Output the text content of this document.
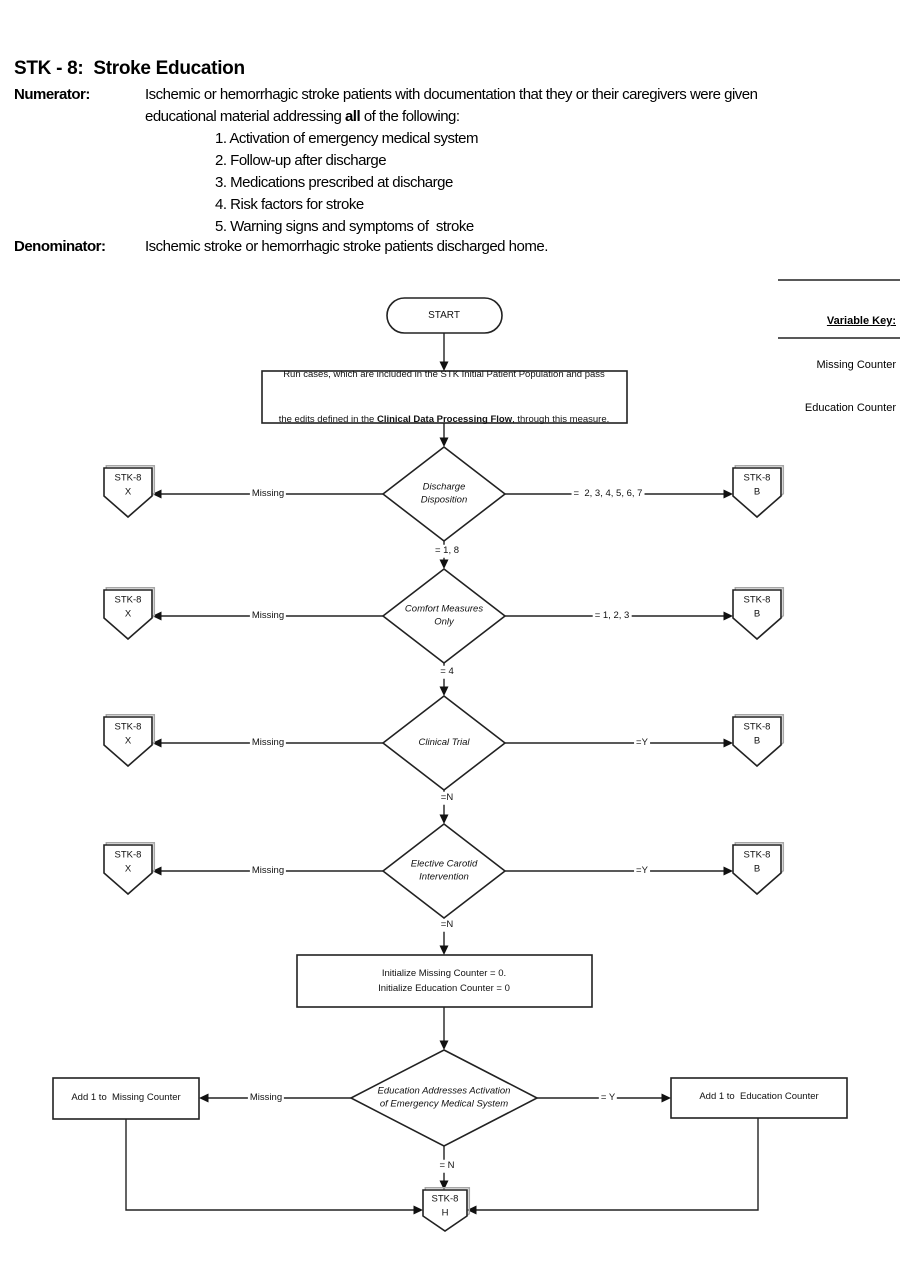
STK - 8:  Stroke Education
Numerator:	Ischemic or hemorrhagic stroke patients with documentation that they or their caregivers were given
educational material addressing all of the following:
1. Activation of emergency medical system
2. Follow-up after discharge
3. Medications prescribed at discharge
4. Risk factors for stroke
5. Warning signs and symptoms of  stroke
Denominator:	Ischemic stroke or hemorrhagic stroke patients discharged home.

Variable Key:

Missing Counter

Education Counter

START

Run cases, which are included in the STK Initial Patient Population and pass

the edits defined in the Clinical Data Processing Flow, through this measure.

Discharge
Disposition

Missing	=  2, 3, 4, 5, 6, 7
= 1, 8

STK-8
X

STK-8
B

Comfort Measures
Only

Missing	= 1, 2, 3
= 4

STK-8
X

STK-8
B

Clinical Trial

Missing	=Y
=N

STK-8
X

STK-8
B

Elective Carotid
Intervention

Missing	=Y
=N

STK-8
X

STK-8
B

Initialize Missing Counter = 0.
Initialize Education Counter = 0

Education Addresses Activation
of Emergency Medical System

Missing	= Y
= N
Add 1 to  Missing Counter	Add 1 to  Education Counter

STK-8
H
